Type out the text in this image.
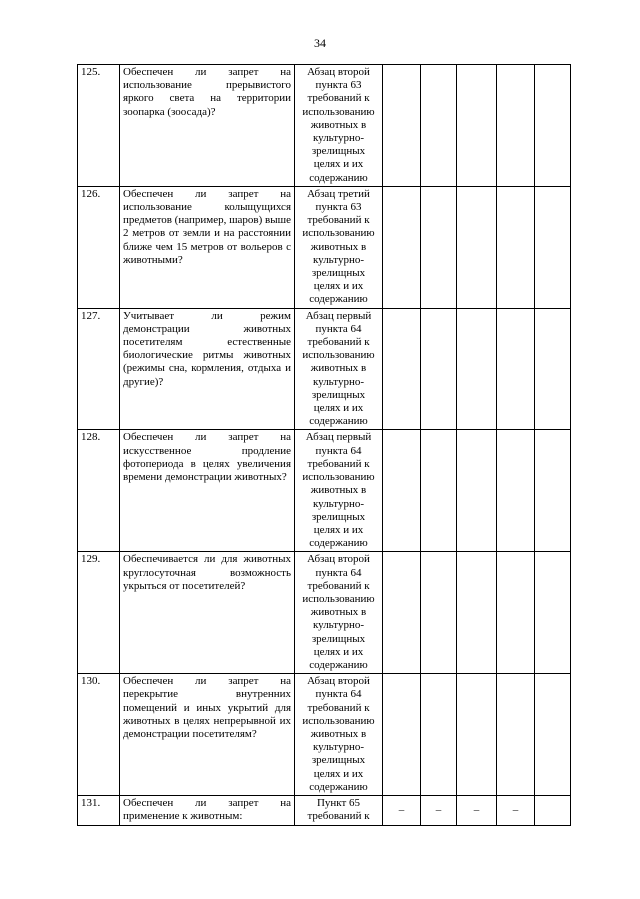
34
125.	Обеспечен ли запрет на использование прерывистого яркого света на территории зоопарка (зоосада)?	Абзац второй пункта 63 требований к использованию животных в культурно-зрелищных целях и их содержанию					
126.	Обеспечен ли запрет на использование колыщущихся предметов (например, шаров) выше 2 метров от земли и на расстоянии ближе чем 15 метров от вольеров с животными?	Абзац третий пункта 63 требований к использованию животных в культурно-зрелищных целях и их содержанию					
127.	Учитывает ли режим демонстрации животных посетителям естественные биологические ритмы животных (режимы сна, кормления, отдыха и другие)?	Абзац первый пункта 64 требований к использованию животных в культурно-зрелищных целях и их содержанию					
128.	Обеспечен ли запрет на искусственное продление фотопериода в целях увеличения времени демонстрации животных?	Абзац первый пункта 64 требований к использованию животных в культурно-зрелищных целях и их содержанию					
129.	Обеспечивается ли для животных круглосуточная возможность укрыться от посетителей?	Абзац второй пункта 64 требований к использованию животных в культурно-зрелищных целях и их содержанию					
130.	Обеспечен ли запрет на перекрытие внутренних помещений и иных укрытий для животных в целях непрерывной их демонстрации посетителям?	Абзац второй пункта 64 требований к использованию животных в культурно-зрелищных целях и их содержанию					
131.	Обеспечен ли запрет на применение к животным:	Пункт 65 требований к	–	–	–	–	
